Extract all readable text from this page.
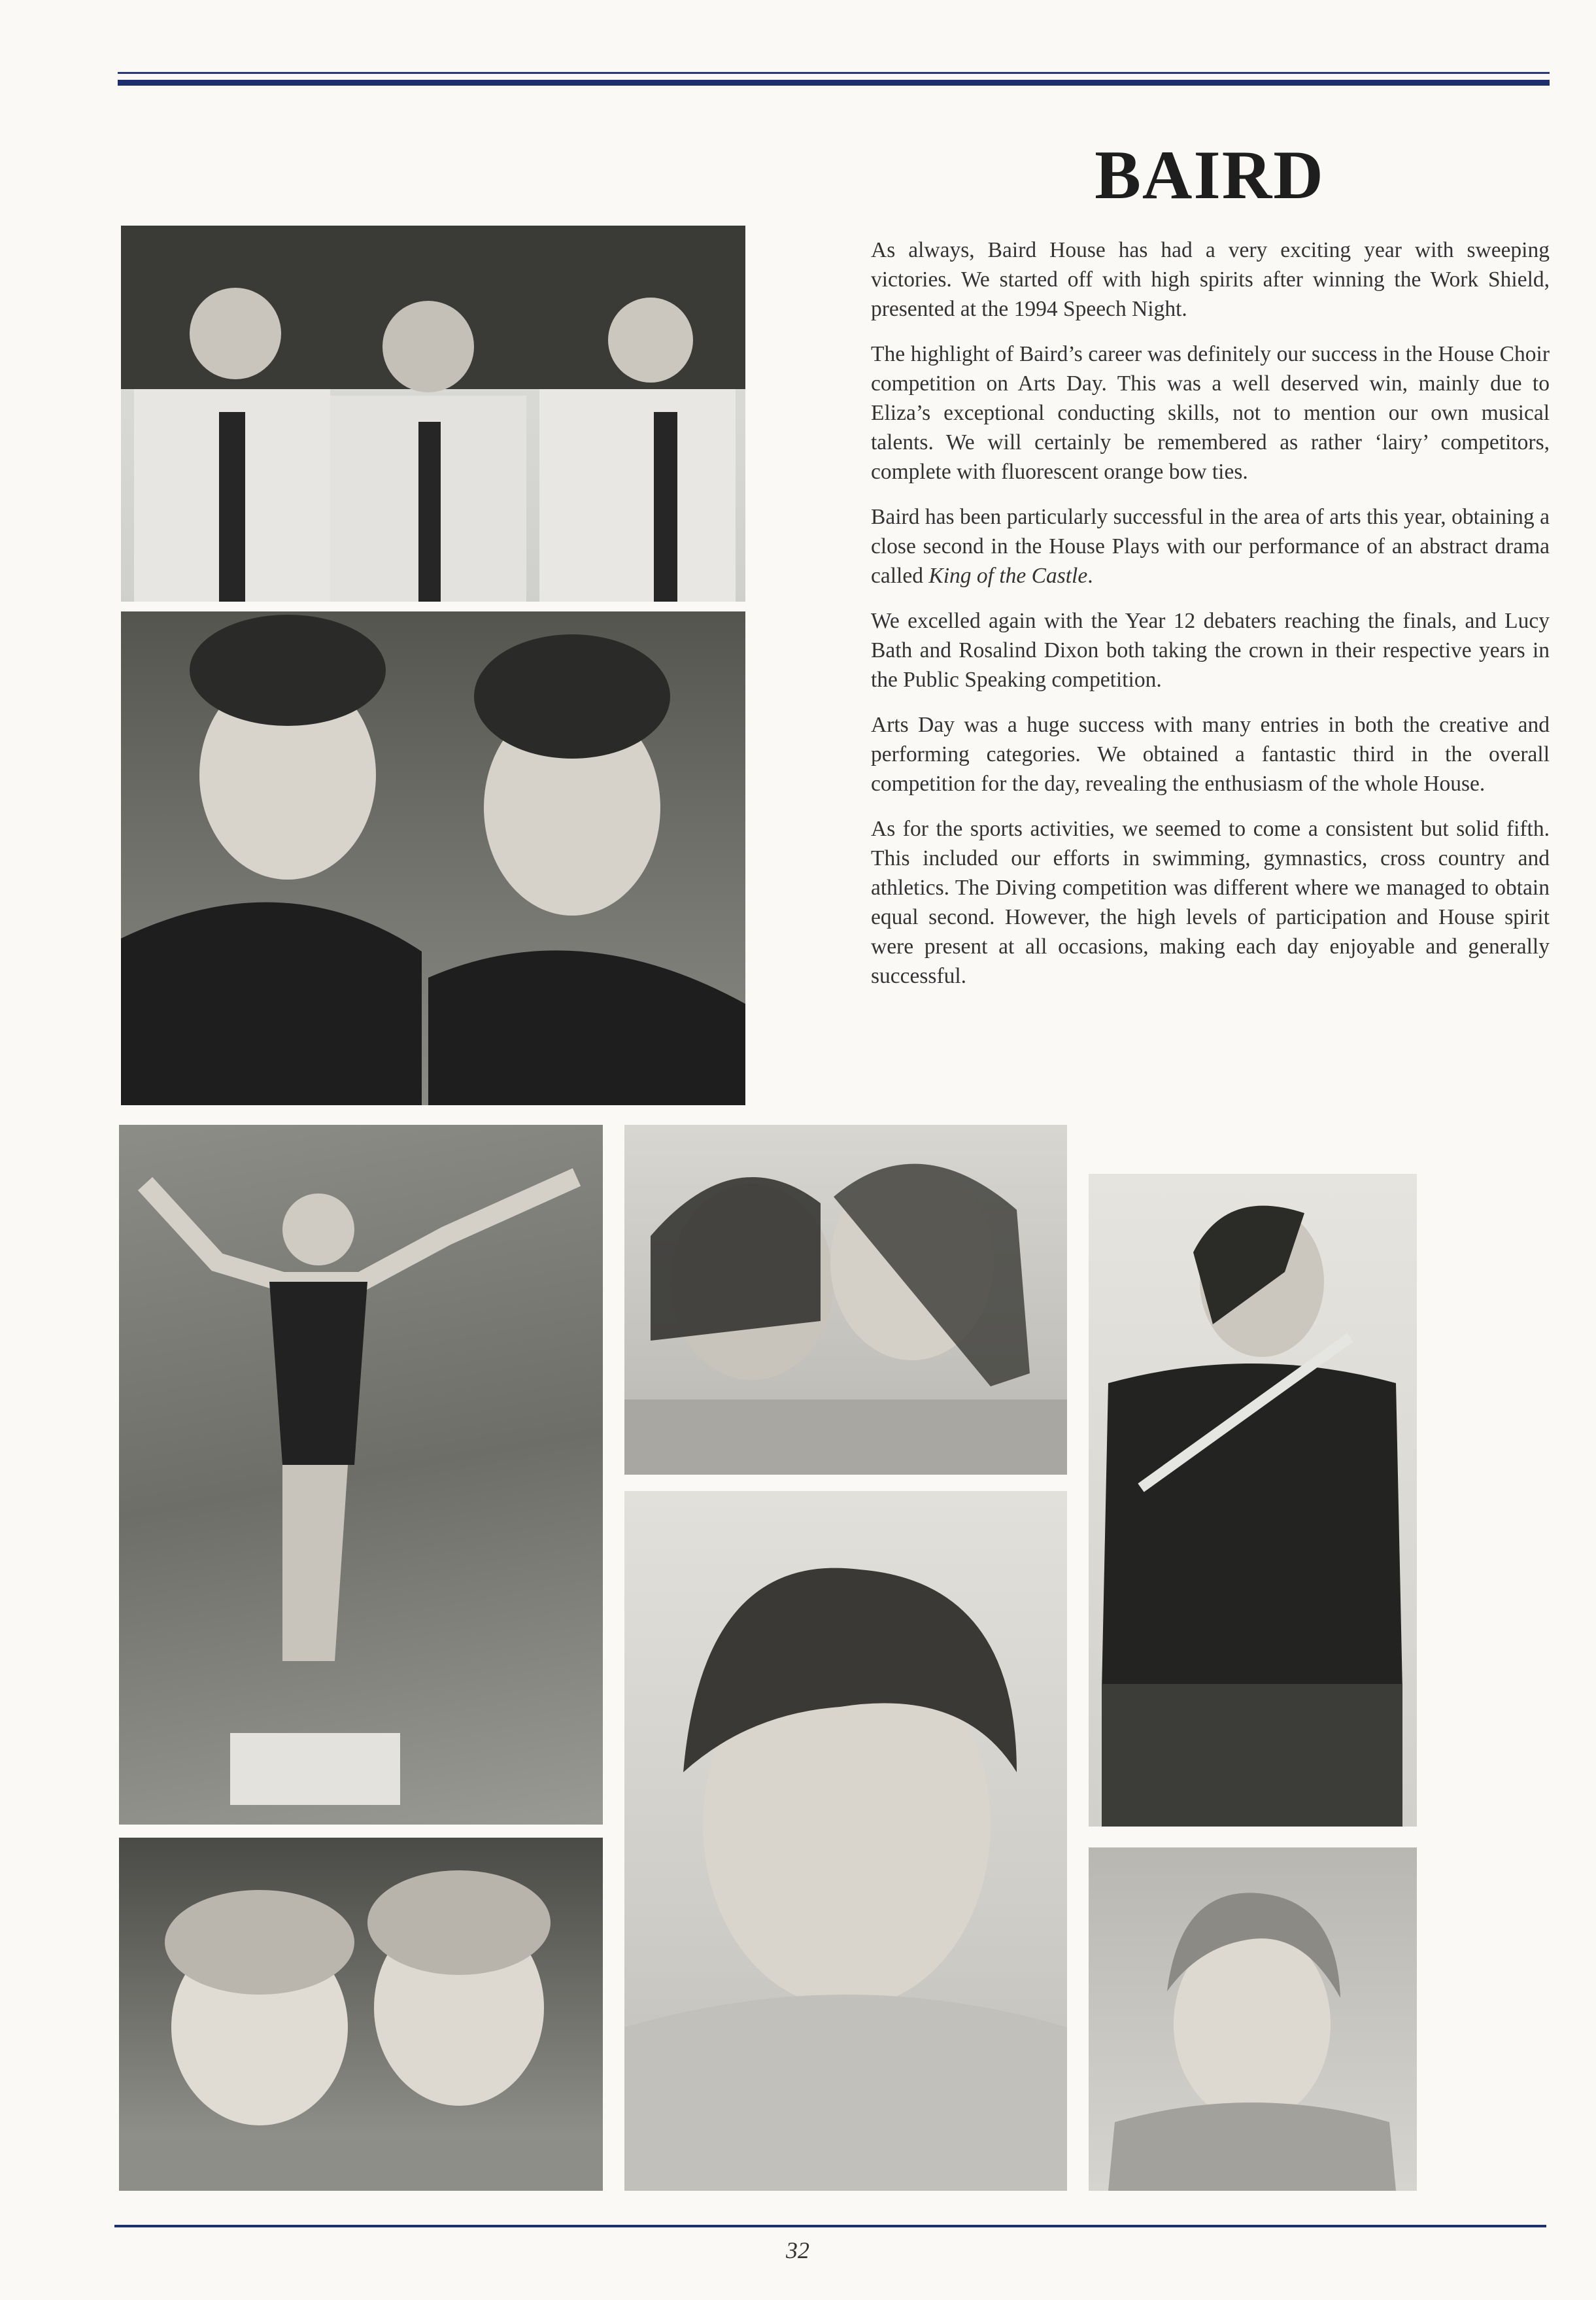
BAIRD

As always, Baird House has had a very exciting year with sweeping victories. We started off with high spirits after winning the Work Shield, presented at the 1994 Speech Night.

The highlight of Baird’s career was definitely our success in the House Choir competition on Arts Day. This was a well deserved win, mainly due to Eliza’s exceptional conducting skills, not to mention our own musical talents. We will certainly be remembered as rather ‘lairy’ competitors, complete with fluorescent orange bow ties.

Baird has been particularly successful in the area of arts this year, obtaining a close second in the House Plays with our performance of an abstract drama called King of the Castle.

We excelled again with the Year 12 debaters reaching the finals, and Lucy Bath and Rosalind Dixon both taking the crown in their respective years in the Public Speaking competition.

Arts Day was a huge success with many entries in both the creative and performing categories. We obtained a fantastic third in the overall competition for the day, revealing the enthusiasm of the whole House.

As for the sports activities, we seemed to come a consistent but solid fifth. This included our efforts in swimming, gymnastics, cross country and athletics. The Diving competition was different where we managed to obtain equal second. However, the high levels of participation and House spirit were present at all occasions, making each day enjoyable and generally successful.

32
